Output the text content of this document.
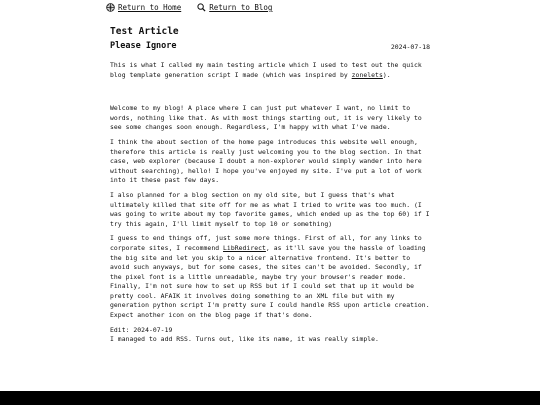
Return to Home	Return to Blog
Test Article
Please Ignore	2024-07-18

This is what I called my main testing article which I used to test out the quick blog template generation script I made (which was inspired by zonelets).

Welcome to my blog! A place where I can just put whatever I want, no limit to words, nothing like that. As with most things starting out, it is very likely to see some changes soon enough. Regardless, I'm happy with what I've made.

I think the about section of the home page introduces this website well enough, therefore this article is really just welcoming you to the blog section. In that case, web explorer (because I doubt a non-explorer would simply wander into here without searching), hello! I hope you've enjoyed my site. I've put a lot of work into it these past few days.

I also planned for a blog section on my old site, but I guess that's what ultimately killed that site off for me as what I tried to write was too much. (I was going to write about my top favorite games, which ended up as the top 60) if I try this again, I'll limit myself to top 10 or something)

I guess to end things off, just some more things. First of all, for any links to corporate sites, I recommend LibRedirect, as it'll save you the hassle of loading the big site and let you skip to a nicer alternative frontend. It's better to avoid such anyways, but for some cases, the sites can't be avoided. Secondly, if the pixel font is a little unreadable, maybe try your browser's reader mode. Finally, I'm not sure how to set up RSS but if I could set that up it would be pretty cool. AFAIK it involves doing something to an XML file but with my generation python script I'm pretty sure I could handle RSS upon article creation. Expect another icon on the blog page if that's done.

Edit: 2024-07-19
I managed to add RSS. Turns out, like its name, it was really simple.
